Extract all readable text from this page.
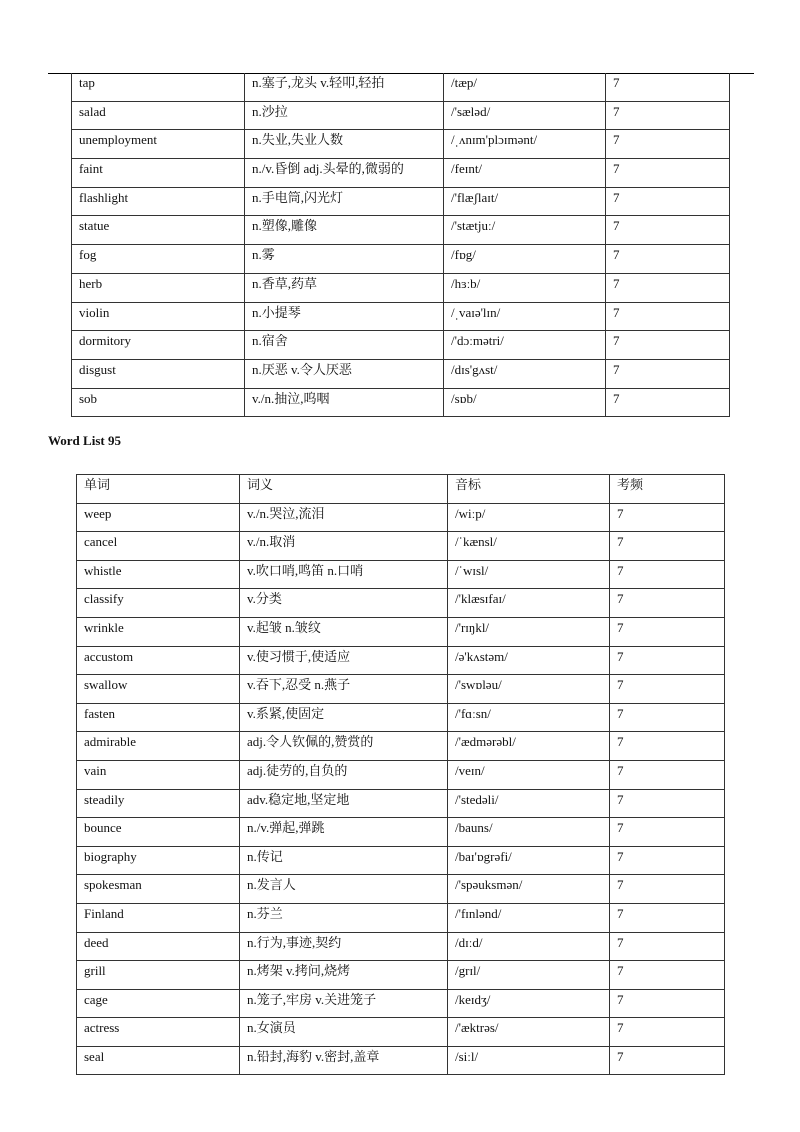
tap	n.塞子,龙头 v.轻叩,轻拍	/tæp/	7
salad	n.沙拉	/'sæləd/	7
unemployment	n.失业,失业人数	/ˌʌnɪm'plɔɪmənt/	7
faint	n./v.昏倒 adj.头晕的,微弱的	/feɪnt/	7
flashlight	n.手电筒,闪光灯	/'flæʃlaɪt/	7
statue	n.塑像,雕像	/'stætjuː/	7
fog	n.雾	/fɒg/	7
herb	n.香草,药草	/hɜːb/	7
violin	n.小提琴	/ˌvaɪə'lɪn/	7
dormitory	n.宿舍	/'dɔːmətri/	7
disgust	n.厌恶 v.令人厌恶	/dɪs'gʌst/	7
sob	v./n.抽泣,呜咽	/sɒb/	7
Word List 95
单词	词义	音标	考频
weep	v./n.哭泣,流泪	/wiːp/	7
cancel	v./n.取消	/ˈkænsl/	7
whistle	v.吹口哨,鸣笛 n.口哨	/ˈwɪsl/	7
classify	v.分类	/'klæsɪfaɪ/	7
wrinkle	v.起皱 n.皱纹	/'rɪŋkl/	7
accustom	v.使习惯于,使适应	/ə'kʌstəm/	7
swallow	v.吞下,忍受 n.燕子	/'swɒləu/	7
fasten	v.系紧,使固定	/'fɑːsn/	7
admirable	adj.令人钦佩的,赞赏的	/'ædmərəbl/	7
vain	adj.徒劳的,自负的	/veɪn/	7
steadily	adv.稳定地,坚定地	/'stedəli/	7
bounce	n./v.弹起,弹跳	/bauns/	7
biography	n.传记	/baɪ'ɒgrəfi/	7
spokesman	n.发言人	/'spəuksmən/	7
Finland	n.芬兰	/'fɪnlənd/	7
deed	n.行为,事迹,契约	/dɪːd/	7
grill	n.烤架 v.拷问,烧烤	/grɪl/	7
cage	n.笼子,牢房 v.关进笼子	/keɪdʒ/	7
actress	n.女演员	/'æktrəs/	7
seal	n.铅封,海豹 v.密封,盖章	/siːl/	7
